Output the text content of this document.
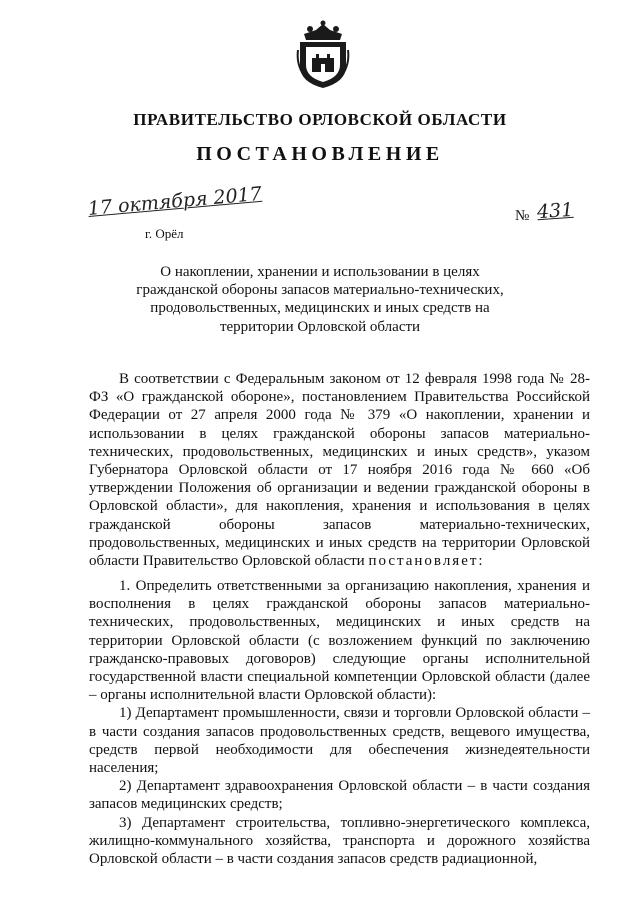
ПРАВИТЕЛЬСТВО ОРЛОВСКОЙ ОБЛАСТИ
ПОСТАНОВЛЕНИЕ
17 октября 2017
г. Орёл
№ 431
О накоплении, хранении и использовании в целях гражданской обороны запасов материально-технических, продовольственных, медицинских и иных средств на территории Орловской области

В соответствии с Федеральным законом от 12 февраля 1998 года № 28-ФЗ «О гражданской обороне», постановлением Правительства Российской Федерации от 27 апреля 2000 года № 379 «О накоплении, хранении и использовании в целях гражданской обороны запасов материально-технических, продовольственных, медицинских и иных средств», указом Губернатора Орловской области от 17 ноября 2016 года № 660 «Об утверждении Положения об организации и ведении гражданской обороны в Орловской области», для накопления, хранения и использования в целях гражданской обороны запасов материально-технических, продовольственных, медицинских и иных средств на территории Орловской области Правительство Орловской области постановляет:

1. Определить ответственными за организацию накопления, хранения и восполнения в целях гражданской обороны запасов материально-технических, продовольственных, медицинских и иных средств на территории Орловской области (с возложением функций по заключению гражданско-правовых договоров) следующие органы исполнительной государственной власти специальной компетенции Орловской области (далее – органы исполнительной власти Орловской области):

1) Департамент промышленности, связи и торговли Орловской области – в части создания запасов продовольственных средств, вещевого имущества, средств первой необходимости для обеспечения жизнедеятельности населения;

2) Департамент здравоохранения Орловской области – в части создания запасов медицинских средств;

3) Департамент строительства, топливно-энергетического комплекса, жилищно-коммунального хозяйства, транспорта и дорожного хозяйства Орловской области – в части создания запасов средств радиационной,
